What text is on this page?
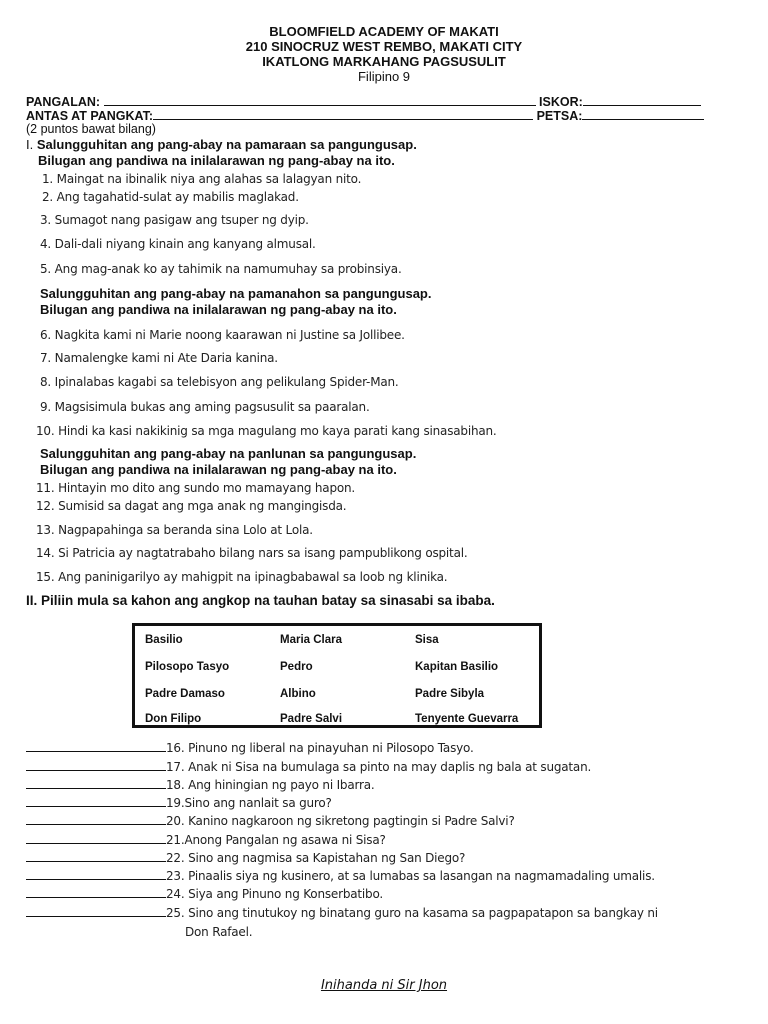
BLOOMFIELD ACADEMY OF MAKATI
210 SINOCRUZ WEST REMBO, MAKATI CITY
IKATLONG MARKAHANG PAGSUSULIT
Filipino 9
PANGALAN:	ISKOR:
ANTAS AT PANGKAT:	PETSA:
(2 puntos bawat bilang)
I. Salungguhitan ang pang-abay na pamaraan sa pangungusap.
Bilugan ang pandiwa na inilalarawan ng pang-abay na ito.
1. Maingat na ibinalik niya ang alahas sa lalagyan nito.
2. Ang tagahatid-sulat ay mabilis maglakad.
3. Sumagot nang pasigaw ang tsuper ng dyip.
4. Dali-dali niyang kinain ang kanyang almusal.
5. Ang mag-anak ko ay tahimik na namumuhay sa probinsiya.
Salungguhitan ang pang-abay na pamanahon sa pangungusap.
Bilugan ang pandiwa na inilalarawan ng pang-abay na ito.
6. Nagkita kami ni Marie noong kaarawan ni Justine sa Jollibee.
7. Namalengke kami ni Ate Daria kanina.
8. Ipinalabas kagabi sa telebisyon ang pelikulang Spider-Man.
9. Magsisimula bukas ang aming pagsusulit sa paaralan.
10. Hindi ka kasi nakikinig sa mga magulang mo kaya parati kang sinasabihan.
Salungguhitan ang pang-abay na panlunan sa pangungusap.
Bilugan ang pandiwa na inilalarawan ng pang-abay na ito.
11. Hintayin mo dito ang sundo mo mamayang hapon.
12. Sumisid sa dagat ang mga anak ng mangingisda.
13. Nagpapahinga sa beranda sina Lolo at Lola.
14. Si Patricia ay nagtatrabaho bilang nars sa isang pampublikong ospital.
15. Ang paninigarilyo ay mahigpit na ipinagbabawal sa loob ng klinika.
II. Piliin mula sa kahon ang angkop na tauhan batay sa sinasabi sa ibaba.
Basilio	Maria Clara	Sisa
Pilosopo Tasyo	Pedro	Kapitan Basilio
Padre Damaso	Albino	Padre Sibyla
Don Filipo	Padre Salvi	Tenyente Guevarra
16. Pinuno ng liberal na pinayuhan ni Pilosopo Tasyo.
17. Anak ni Sisa na bumulaga sa pinto na may daplis ng bala at sugatan.
18. Ang hiningian ng payo ni Ibarra.
19.Sino ang nanlait sa guro?
20. Kanino nagkaroon ng sikretong pagtingin si Padre Salvi?
21.Anong Pangalan ng asawa ni Sisa?
22. Sino ang nagmisa sa Kapistahan ng San Diego?
23. Pinaalis siya ng kusinero, at sa lumabas sa lasangan na nagmamadaling umalis.
24. Siya ang Pinuno ng Konserbatibo.
25. Sino ang tinutukoy ng binatang guro na kasama sa pagpapatapon sa bangkay ni
Don Rafael.
Inihanda ni Sir Jhon
